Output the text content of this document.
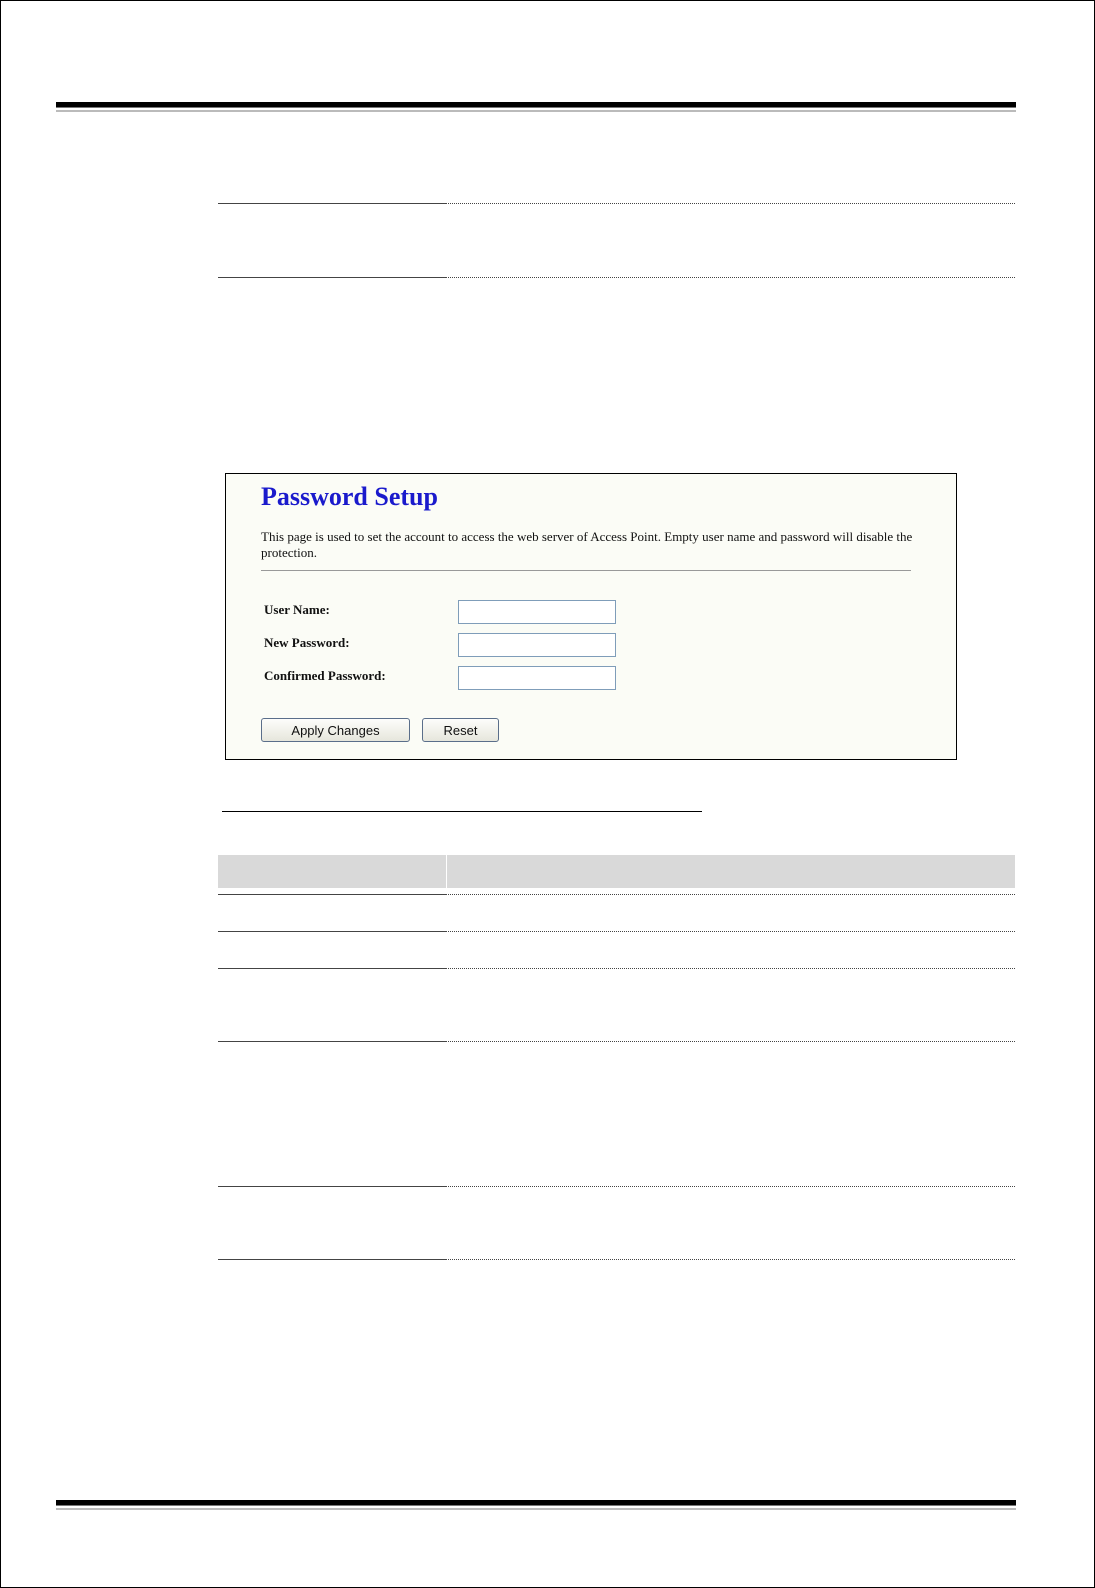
Password Setup
This page is used to set the account to access the web server of Access Point. Empty user name and password will disable the protection.
User Name:
New Password:
Confirmed Password:
Apply Changes	Reset
